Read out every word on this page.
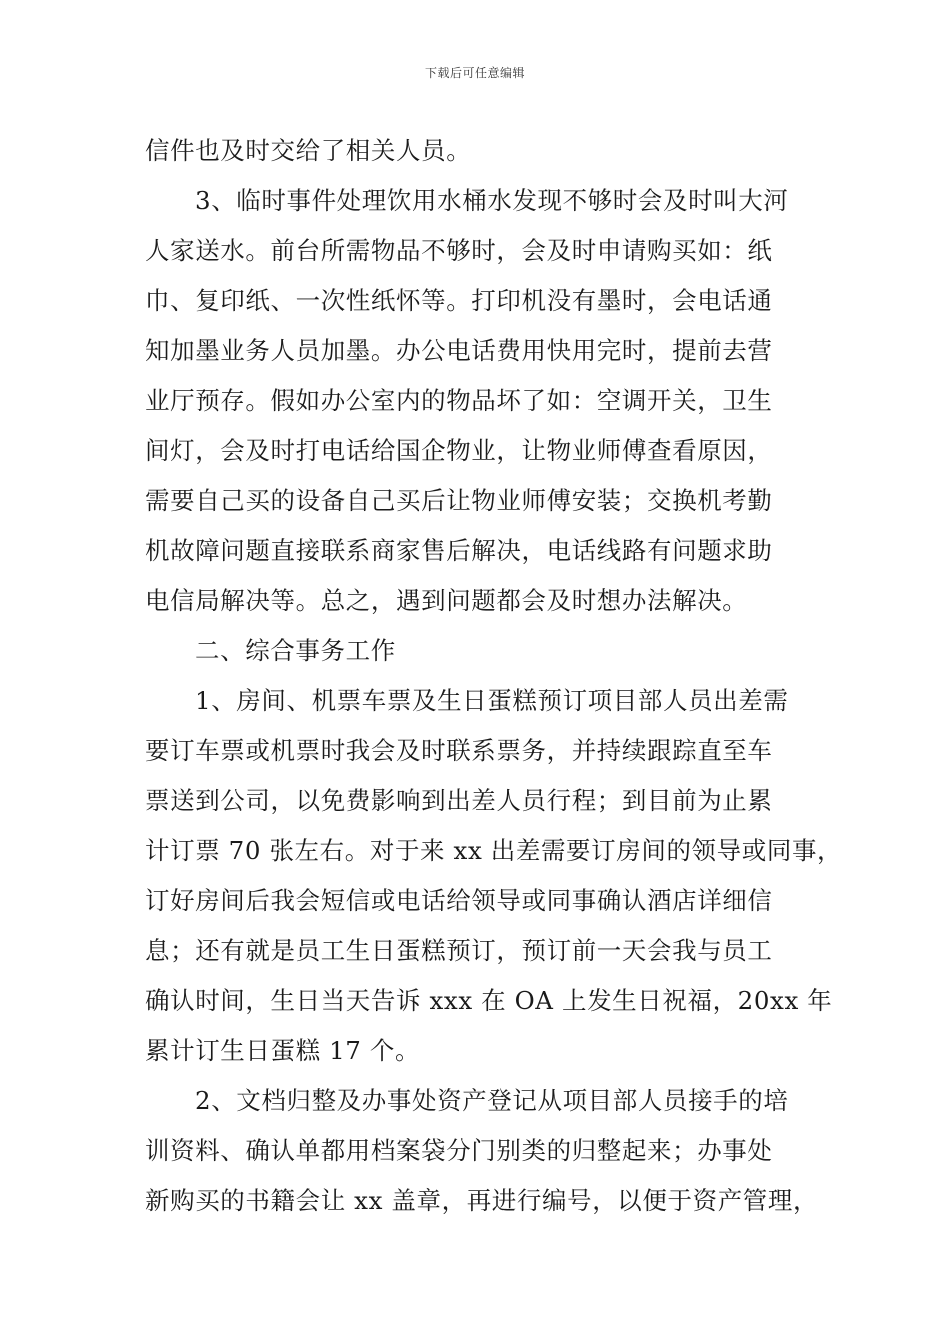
下载后可任意编辑
信件也及时交给了相关人员。
3、临时事件处理饮用水桶水发现不够时会及时叫大河
人家送水。前台所需物品不够时，会及时申请购买如：纸
巾、复印纸、一次性纸怀等。打印机没有墨时，会电话通
知加墨业务人员加墨。办公电话费用快用完时，提前去营
业厅预存。假如办公室内的物品坏了如：空调开关，卫生
间灯，会及时打电话给国企物业，让物业师傅查看原因，
需要自己买的设备自己买后让物业师傅安装；交换机考勤
机故障问题直接联系商家售后解决，电话线路有问题求助
电信局解决等。总之，遇到问题都会及时想办法解决。
二、综合事务工作
1、房间、机票车票及生日蛋糕预订项目部人员出差需
要订车票或机票时我会及时联系票务，并持续跟踪直至车
票送到公司，以免费影响到出差人员行程；到目前为止累
计订票 70 张左右。对于来 xx 出差需要订房间的领导或同事，
订好房间后我会短信或电话给领导或同事确认酒店详细信
息；还有就是员工生日蛋糕预订，预订前一天会我与员工
确认时间，生日当天告诉 xxx 在 OA 上发生日祝福，20xx 年
累计订生日蛋糕 17 个。
2、文档归整及办事处资产登记从项目部人员接手的培
训资料、确认单都用档案袋分门别类的归整起来；办事处
新购买的书籍会让 xx 盖章，再进行编号，以便于资产管理，
